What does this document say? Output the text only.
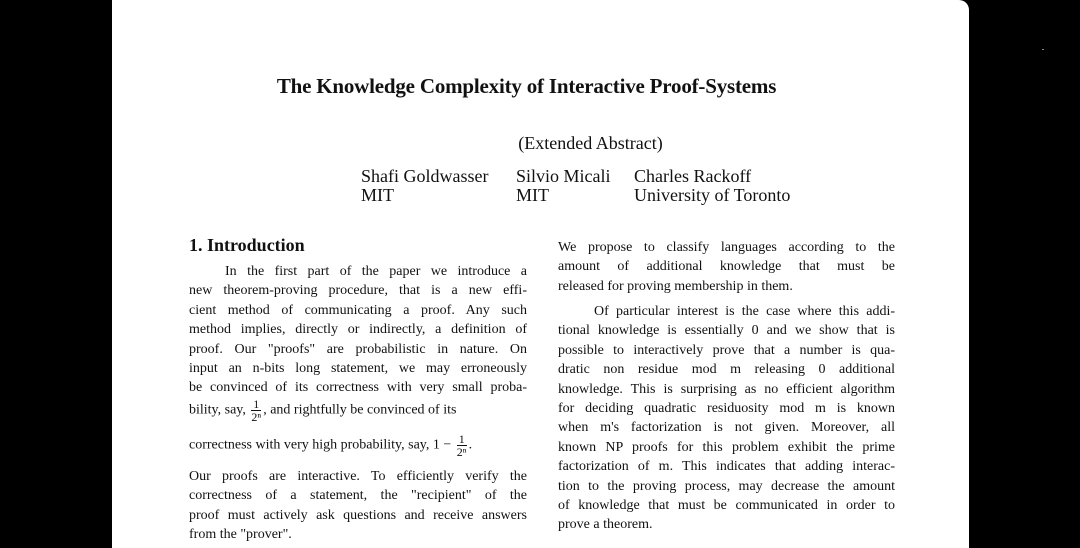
The Knowledge Complexity of Interactive Proof-Systems
(Extended Abstract)
Shafi Goldwasser
MIT
Silvio Micali
MIT
Charles Rackoff
University of Toronto
1. Introduction
In the first part of the paper we introduce a
new theorem-proving procedure, that is a new effi-
cient method of communicating a proof. Any such
method implies, directly or indirectly, a definition of
proof. Our "proofs" are probabilistic in nature. On
input an n-bits long statement, we may erroneously
be convinced of its correctness with very small proba-
bility, say, $\frac{1}{\text{2ⁿ}}$ , and rightfully be convinced of its
correctness with very high probability, say, $1 - \frac{1}{\text{2ⁿ}}$ .
Our proofs are interactive. To efficiently verify the
correctness of a statement, the "recipient" of the
proof must actively ask questions and receive answers
from the "prover".
We propose to classify languages according to the
amount of additional knowledge that must be
released for proving membership in them.
Of particular interest is the case where this addi-
tional knowledge is essentially 0 and we show that is
possible to interactively prove that a number is qua-
dratic non residue mod m releasing 0 additional
knowledge. This is surprising as no efficient algorithm
for deciding quadratic residuosity mod m is known
when m's factorization is not given. Moreover, all
known NP proofs for this problem exhibit the prime
factorization of m. This indicates that adding interac-
tion to the proving process, may decrease the amount
of knowledge that must be communicated in order to
prove a theorem.
